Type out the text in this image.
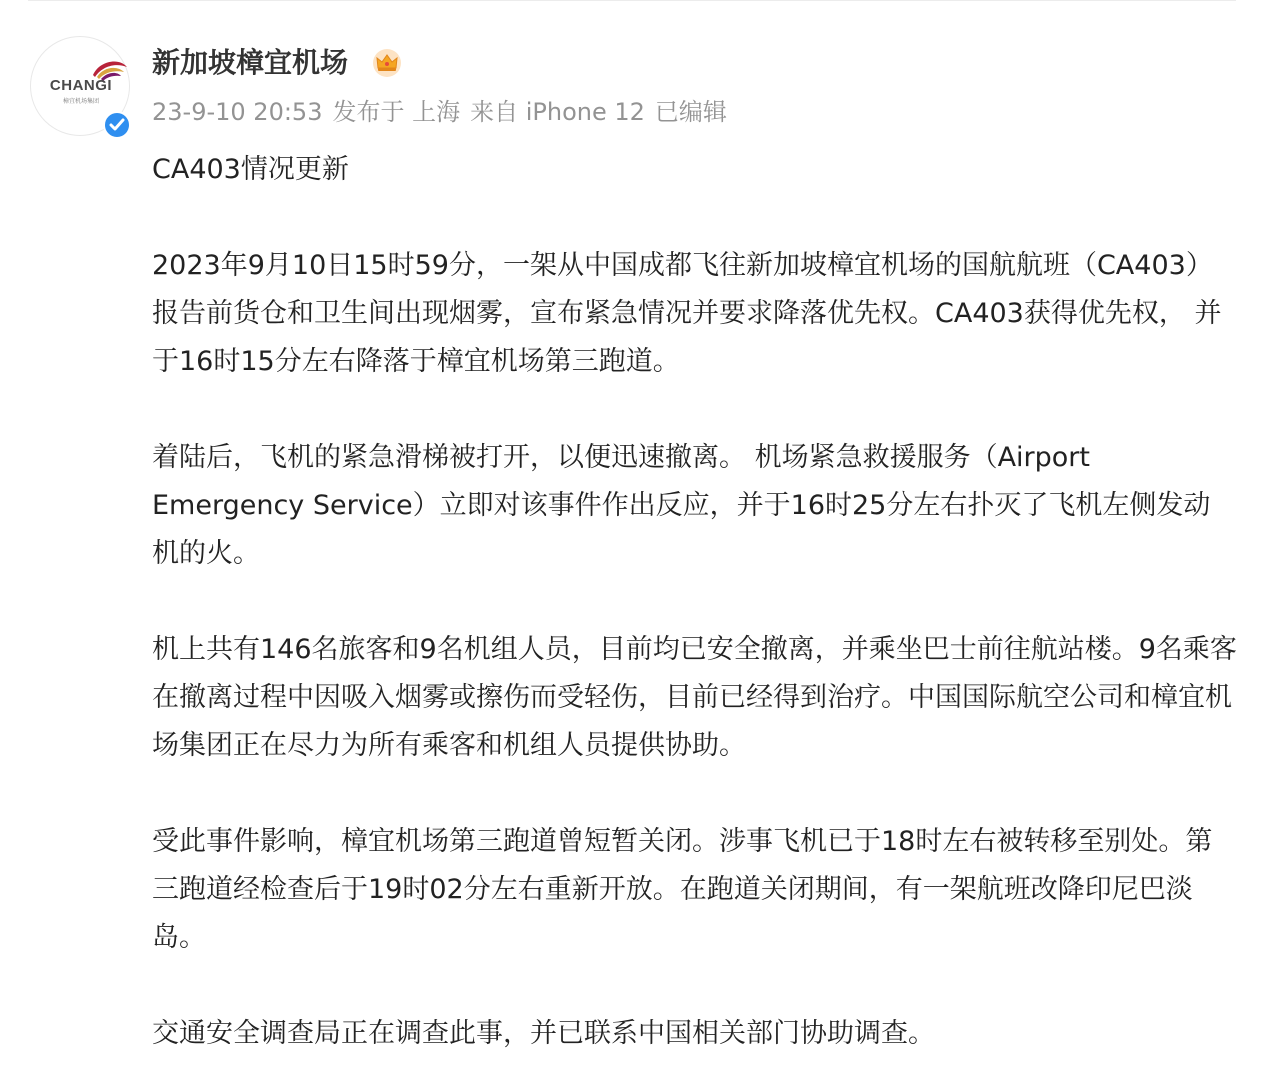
CHANGI
樟宜机场集团
新加坡樟宜机场
23-9-10 20:53 发布于 上海 来自 iPhone 12 已编辑

CA403情况更新

2023年9月10日15时59分，一架从中国成都飞往新加坡樟宜机场的国航航班（CA403）报告前货仓和卫生间出现烟雾，宣布紧急情况并要求降落优先权。CA403获得优先权， 并于16时15分左右降落于樟宜机场第三跑道。

着陆后，飞机的紧急滑梯被打开，以便迅速撤离。 机场紧急救援服务（Airport Emergency Service）立即对该事件作出反应，并于16时25分左右扑灭了飞机左侧发动机的火。

机上共有146名旅客和9名机组人员，目前均已安全撤离，并乘坐巴士前往航站楼。9名乘客在撤离过程中因吸入烟雾或擦伤而受轻伤，目前已经得到治疗。中国国际航空公司和樟宜机场集团正在尽力为所有乘客和机组人员提供协助。

受此事件影响，樟宜机场第三跑道曾短暂关闭。涉事飞机已于18时左右被转移至别处。第三跑道经检查后于19时02分左右重新开放。在跑道关闭期间，有一架航班改降印尼巴淡岛。

交通安全调查局正在调查此事，并已联系中国相关部门协助调查。
